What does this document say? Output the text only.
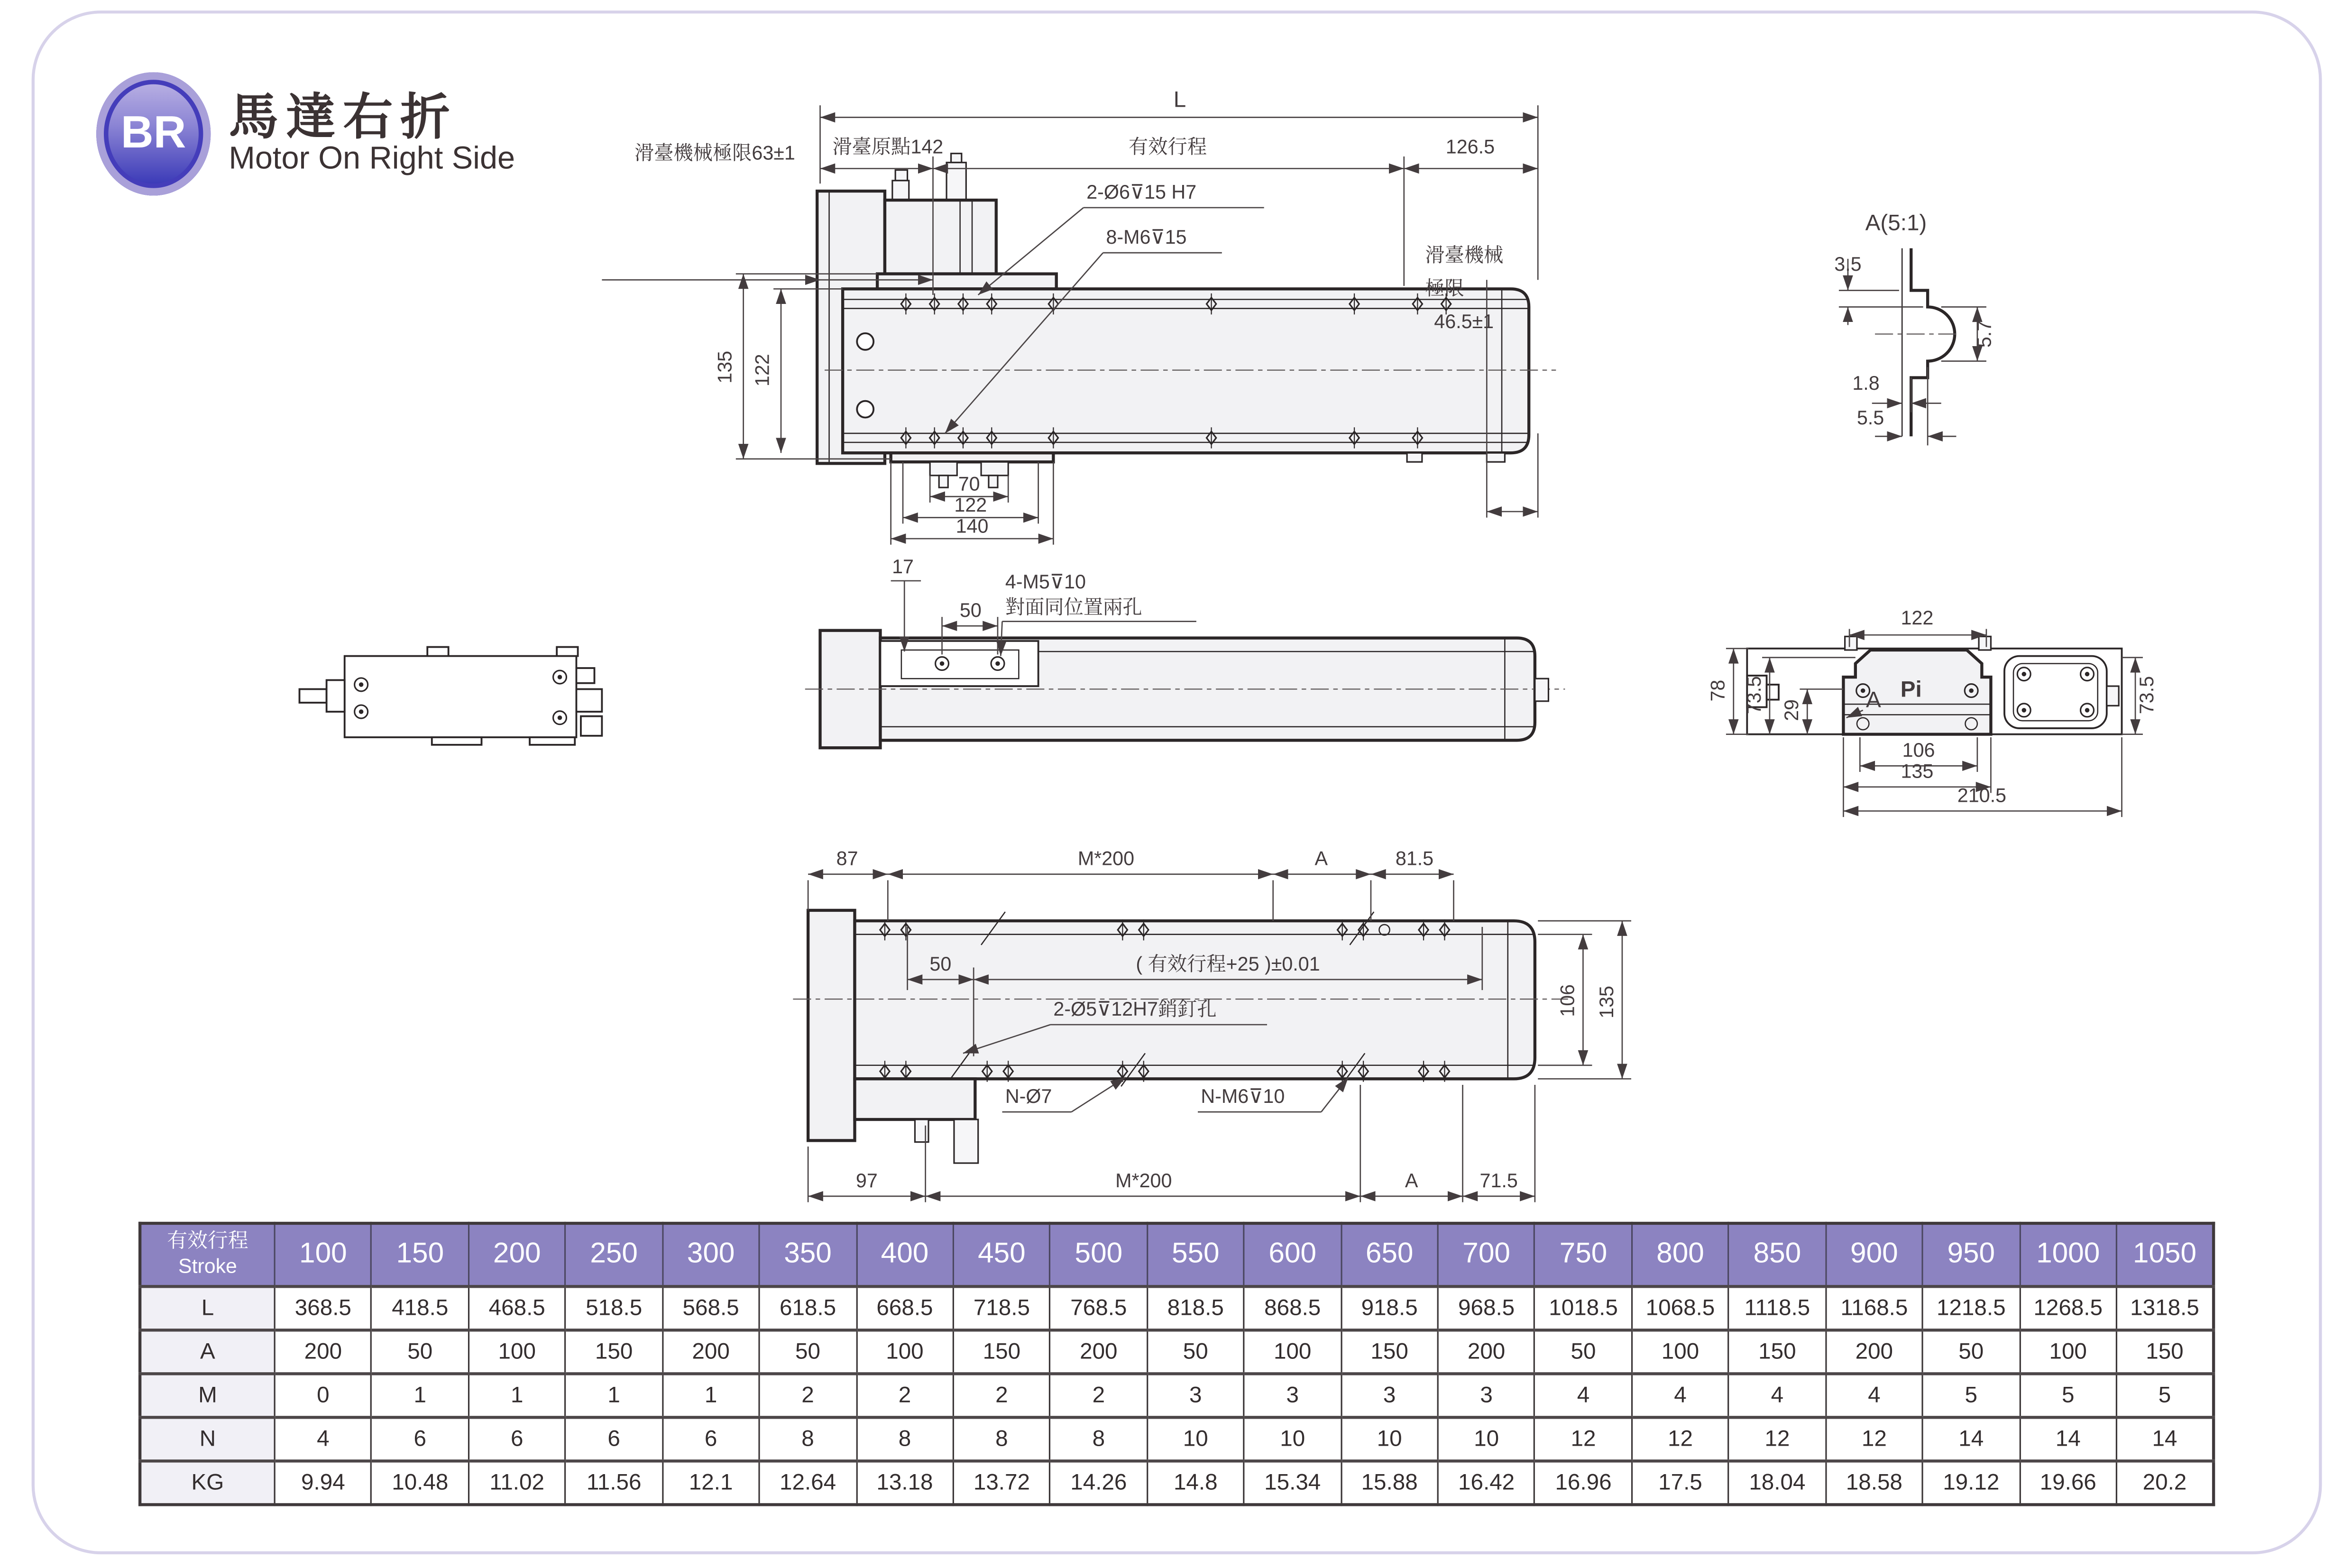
BR	馬達右折
Motor On Right Side
L
滑臺原點142	有效行程	126.5
滑臺機械極限63±1
2-Ø6⊽15 H7
8-M6⊽15
滑臺機械
極限
46.5±1
135	122
70
122
140
A(5:1)
3.5
5.7
1.8
5.5
17
50
4-M5⊽10
對面同位置兩孔
Pi
122
78 73.5	29	A	73.5
106
135
210.5
87	M*200	A	81.5
50	( 有效行程+25 )±0.01
2-Ø5⊽12H7銷釘孔
N-Ø7	N-M6⊽10
106	135
97	M*200	A	71.5
有效行程
Stroke	100	150	200	250	300	350	400	450	500	550	600	650	700	750	800	850	900	950	1000	1050
L	368.5	418.5	468.5	518.5	568.5	618.5	668.5	718.5	768.5	818.5	868.5	918.5	968.5	1018.5	1068.5	1118.5	1168.5	1218.5	1268.5	1318.5
A	200	50	100	150	200	50	100	150	200	50	100	150	200	50	100	150	200	50	100	150
M	0	1	1	1	1	2	2	2	2	3	3	3	3	4	4	4	4	5	5	5
N	4	6	6	6	6	8	8	8	8	10	10	10	10	12	12	12	12	14	14	14
KG	9.94	10.48	11.02	11.56	12.1	12.64	13.18	13.72	14.26	14.8	15.34	15.88	16.42	16.96	17.5	18.04	18.58	19.12	19.66	20.2
